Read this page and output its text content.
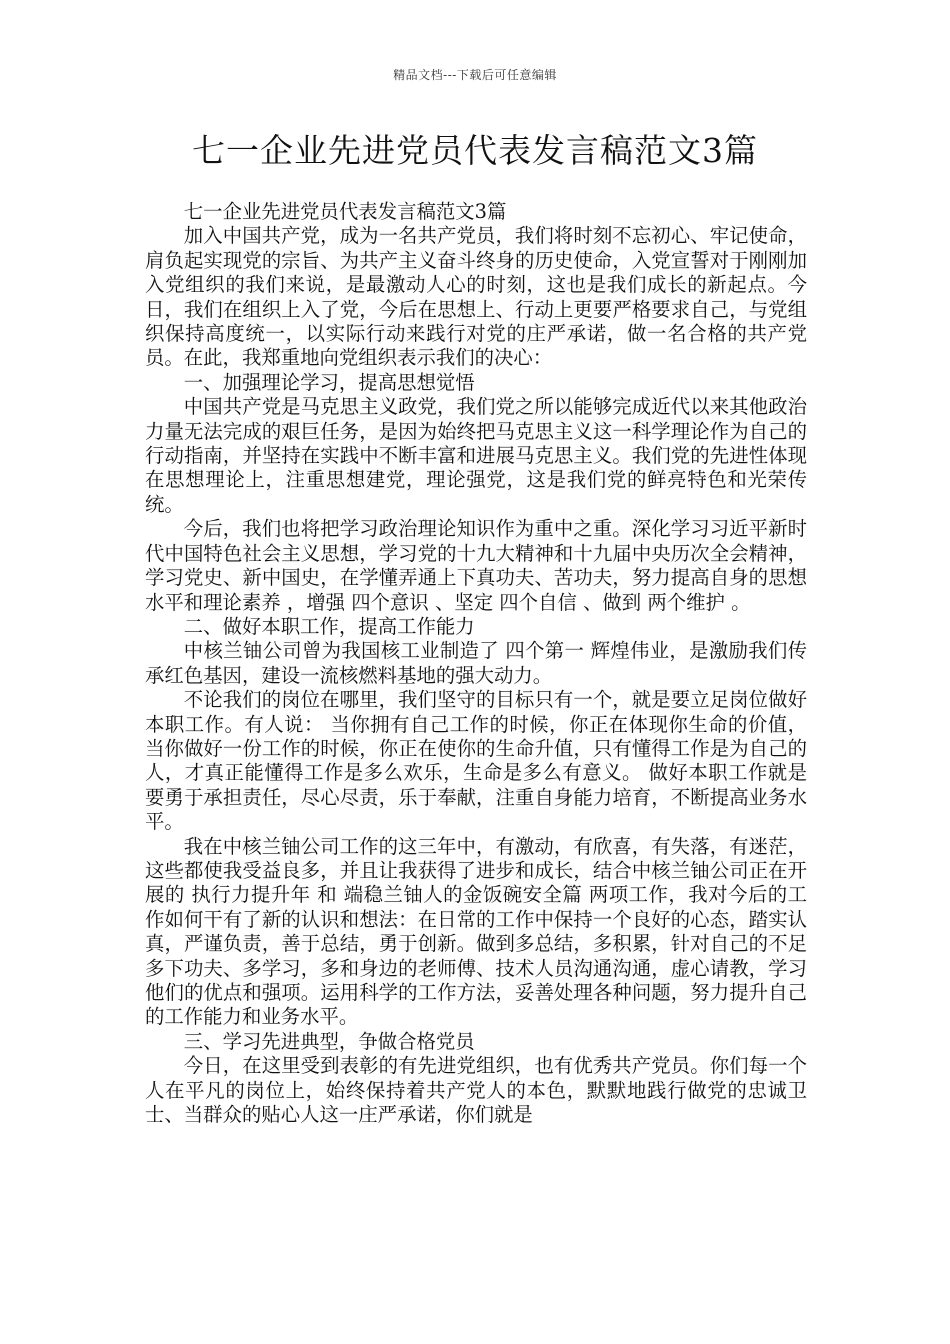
精品文档---下载后可任意编辑
七一企业先进党员代表发言稿范文3篇

七一企业先进党员代表发言稿范文3篇

加入中国共产党，成为一名共产党员，我们将时刻不忘初心、牢记使命，肩负起实现党的宗旨、为共产主义奋斗终身的历史使命，入党宣誓对于刚刚加入党组织的我们来说，是最激动人心的时刻，这也是我们成长的新起点。今日，我们在组织上入了党，今后在思想上、行动上更要严格要求自己，与党组织保持高度统一，以实际行动来践行对党的庄严承诺，做一名合格的共产党员。在此，我郑重地向党组织表示我们的决心：

一、加强理论学习，提高思想觉悟

中国共产党是马克思主义政党，我们党之所以能够完成近代以来其他政治力量无法完成的艰巨任务，是因为始终把马克思主义这一科学理论作为自己的行动指南，并坚持在实践中不断丰富和进展马克思主义。我们党的先进性体现在思想理论上，注重思想建党，理论强党，这是我们党的鲜亮特色和光荣传统。

今后，我们也将把学习政治理论知识作为重中之重。深化学习习近平新时代中国特色社会主义思想，学习党的十九大精神和十九届中央历次全会精神，学习党史、新中国史，在学懂弄通上下真功夫、苦功夫，努力提高自身的思想水平和理论素养 ，增强 四个意识 、坚定 四个自信 、做到 两个维护 。

二、做好本职工作，提高工作能力

中核兰铀公司曾为我国核工业制造了 四个第一 辉煌伟业，是激励我们传承红色基因，建设一流核燃料基地的强大动力。

不论我们的岗位在哪里，我们坚守的目标只有一个，就是要立足岗位做好本职工作。有人说： 当你拥有自己工作的时候，你正在体现你生命的价值，当你做好一份工作的时候，你正在使你的生命升值，只有懂得工作是为自己的人，才真正能懂得工作是多么欢乐，生命是多么有意义。 做好本职工作就是要勇于承担责任，尽心尽责，乐于奉献，注重自身能力培育，不断提高业务水平。

我在中核兰铀公司工作的这三年中，有激动，有欣喜，有失落，有迷茫，这些都使我受益良多，并且让我获得了进步和成长，结合中核兰铀公司正在开展的 执行力提升年 和 端稳兰铀人的金饭碗安全篇 两项工作，我对今后的工作如何干有了新的认识和想法：在日常的工作中保持一个良好的心态，踏实认真，严谨负责，善于总结，勇于创新。做到多总结，多积累，针对自己的不足多下功夫、多学习，多和身边的老师傅、技术人员沟通沟通，虚心请教，学习他们的优点和强项。运用科学的工作方法，妥善处理各种问题，努力提升自己的工作能力和业务水平。

三、学习先进典型，争做合格党员

今日，在这里受到表彰的有先进党组织，也有优秀共产党员。你们每一个人在平凡的岗位上，始终保持着共产党人的本色，默默地践行做党的忠诚卫士、当群众的贴心人这一庄严承诺，你们就是
